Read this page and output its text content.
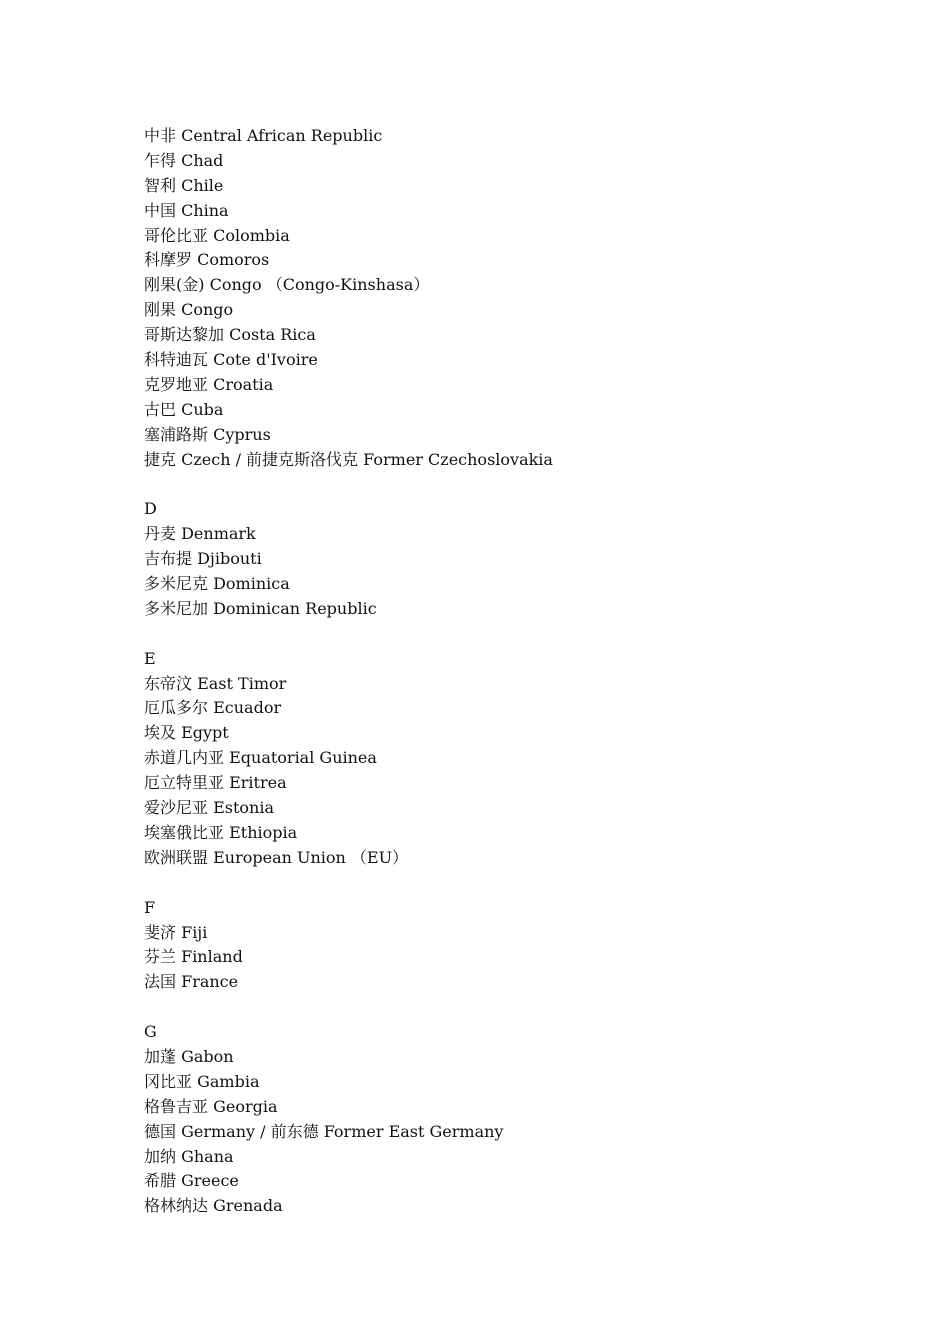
中非 Central African Republic
乍得 Chad
智利 Chile
中国 China
哥伦比亚 Colombia
科摩罗 Comoros
刚果(金) Congo （Congo-Kinshasa）
刚果 Congo
哥斯达黎加 Costa Rica
科特迪瓦 Cote d'Ivoire
克罗地亚 Croatia
古巴 Cuba
塞浦路斯 Cyprus
捷克 Czech / 前捷克斯洛伐克 Former Czechoslovakia
D
丹麦 Denmark
吉布提 Djibouti
多米尼克 Dominica
多米尼加 Dominican Republic
E
东帝汶 East Timor
厄瓜多尔 Ecuador
埃及 Egypt
赤道几内亚 Equatorial Guinea
厄立特里亚 Eritrea
爱沙尼亚 Estonia
埃塞俄比亚 Ethiopia
欧洲联盟 European Union （EU）
F
斐济 Fiji
芬兰 Finland
法国 France
G
加蓬 Gabon
冈比亚 Gambia
格鲁吉亚 Georgia
德国 Germany / 前东德 Former East Germany
加纳 Ghana
希腊 Greece
格林纳达 Grenada
